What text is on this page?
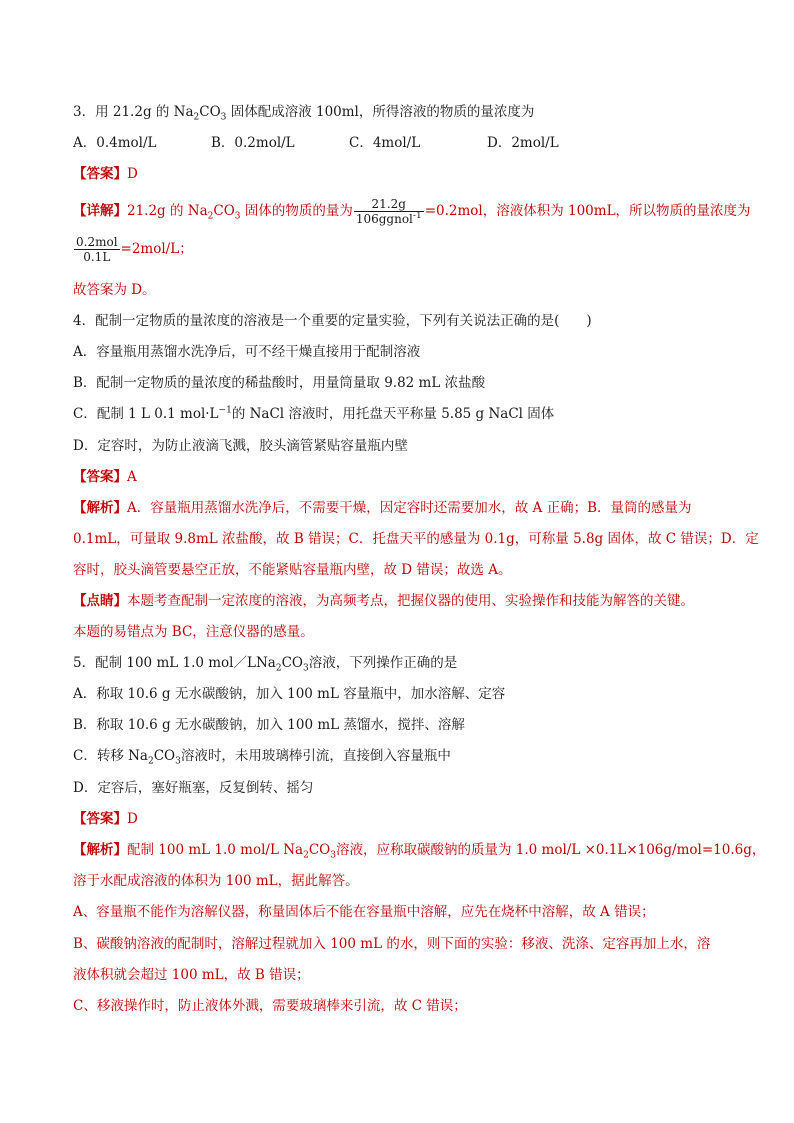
3．用 21.2g 的 $Na_2CO_3$ 固体配成溶液 100ml，所得溶液的物质的量浓度为
A．0.4mol/L	B．0.2mol/L	C．4mol/L	D．2mol/L
【答案】D
【详解】21.2g 的 $Na_2CO_3$ 固体的物质的量为 $\frac{21.2g}{106ggnol^{-1}} =0.2mol$，溶液体积为 100mL，所以物质的量浓度为
$\frac{\text{0.2mol}}{0.1L} =2mol/L$；
故答案为 D。
4．配制一定物质的量浓度的溶液是一个重要的定量实验，下列有关说法正确的是(　　)
A．容量瓶用蒸馏水洗净后，可不经干燥直接用于配制溶液
B．配制一定物质的量浓度的稀盐酸时，用量筒量取 9.82 mL 浓盐酸
C．配制 1 L 0.1 $mol\cdot L^{-1}$的 NaCl 溶液时，用托盘天平称量 5.85 g NaCl 固体
D．定容时，为防止液滴飞溅，胶头滴管紧贴容量瓶内壁
【答案】A
【解析】A．容量瓶用蒸馏水洗净后，不需要干燥，因定容时还需要加水，故 A 正确；B．量筒的感量为
0.1mL，可量取 9.8mL 浓盐酸，故 B 错误；C．托盘天平的感量为 0.1g，可称量 5.8g 固体，故 C 错误；D．定
容时，胶头滴管要悬空正放，不能紧贴容量瓶内壁，故 D 错误；故选 A。
【点睛】本题考查配制一定浓度的溶液，为高频考点，把握仪器的使用、实验操作和技能为解答的关键。
本题的易错点为 BC，注意仪器的感量。
5．配制 100 mL 1.0 $mol/LNa_2CO_3$溶液，下列操作正确的是
A．称取 10.6 g 无水碳酸钠，加入 100 mL 容量瓶中，加水溶解、定容
B．称取 10.6 g 无水碳酸钠，加入 100 mL 蒸馏水，搅拌、溶解
C．转移 $Na_2CO_3$溶液时，未用玻璃棒引流，直接倒入容量瓶中
D．定容后，塞好瓶塞，反复倒转、摇匀
【答案】D
【解析】配制 100 mL 1.0 mol/L $Na_2CO_3$溶液，应称取碳酸钠的质量为 1.0 mol/L ×0.1L×106g/mol=10.6g，
溶于水配成溶液的体积为 100 mL，据此解答。
A、容量瓶不能作为溶解仪器，称量固体后不能在容量瓶中溶解，应先在烧杯中溶解，故 A 错误；
B、碳酸钠溶液的配制时，溶解过程就加入 100 mL 的水，则下面的实验：移液、洗涤、定容再加上水，溶
液体积就会超过 100 mL，故 B 错误；
C、移液操作时，防止液体外溅，需要玻璃棒来引流，故 C 错误；
